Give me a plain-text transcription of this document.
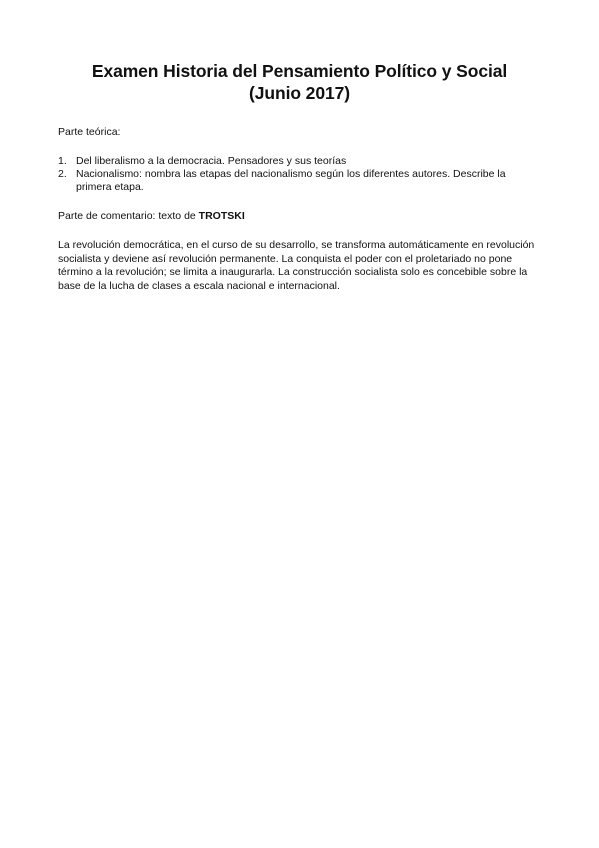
Examen Historia del Pensamiento Político y Social
(Junio 2017)

Parte teórica:

1. Del liberalismo a la democracia. Pensadores y sus teorías
2. Nacionalismo: nombra las etapas del nacionalismo según los diferentes autores. Describe la primera etapa.

Parte de comentario: texto de TROTSKI

La revolución democrática, en el curso de su desarrollo, se transforma automáticamente en revolución socialista y deviene así revolución permanente. La conquista el poder con el proletariado no pone término a la revolución; se limita a inaugurarla. La construcción socialista solo es concebible sobre la base de la lucha de clases a escala nacional e internacional.
